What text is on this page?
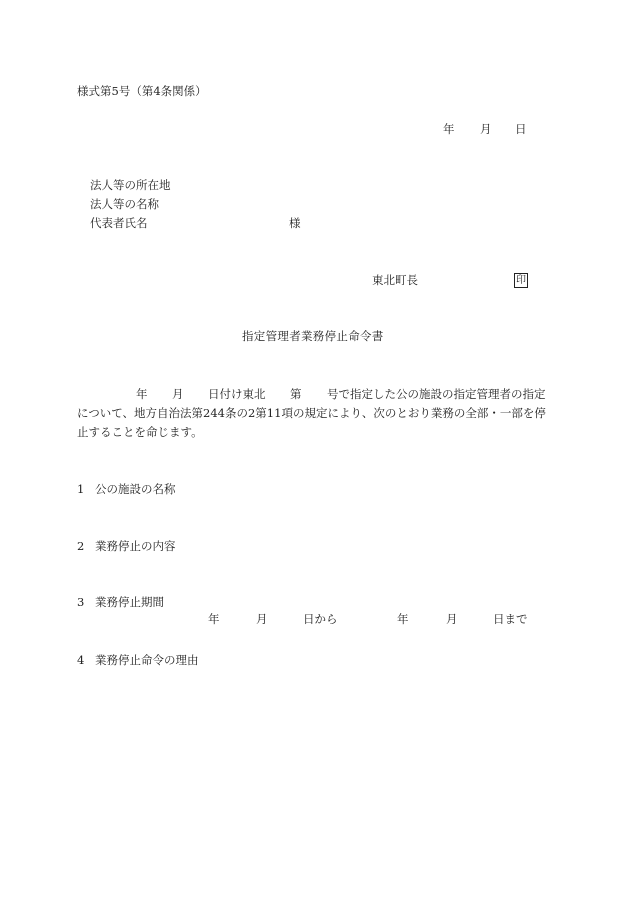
様式第5号（第4条関係）
年 月 日
法人等の所在地
法人等の名称
代表者氏名	様
東北町長	印
指定管理者業務停止命令書
年 月 日付け東北 第 号で指定した公の施設の指定管理者の指定
について、地方自治法第244条の2第11項の規定により、次のとおり業務の全部・一部を停
止することを命じます。
1 公の施設の名称
2 業務停止の内容
3 業務停止期間
年	月	日から	年	月	日まで
4 業務停止命令の理由
